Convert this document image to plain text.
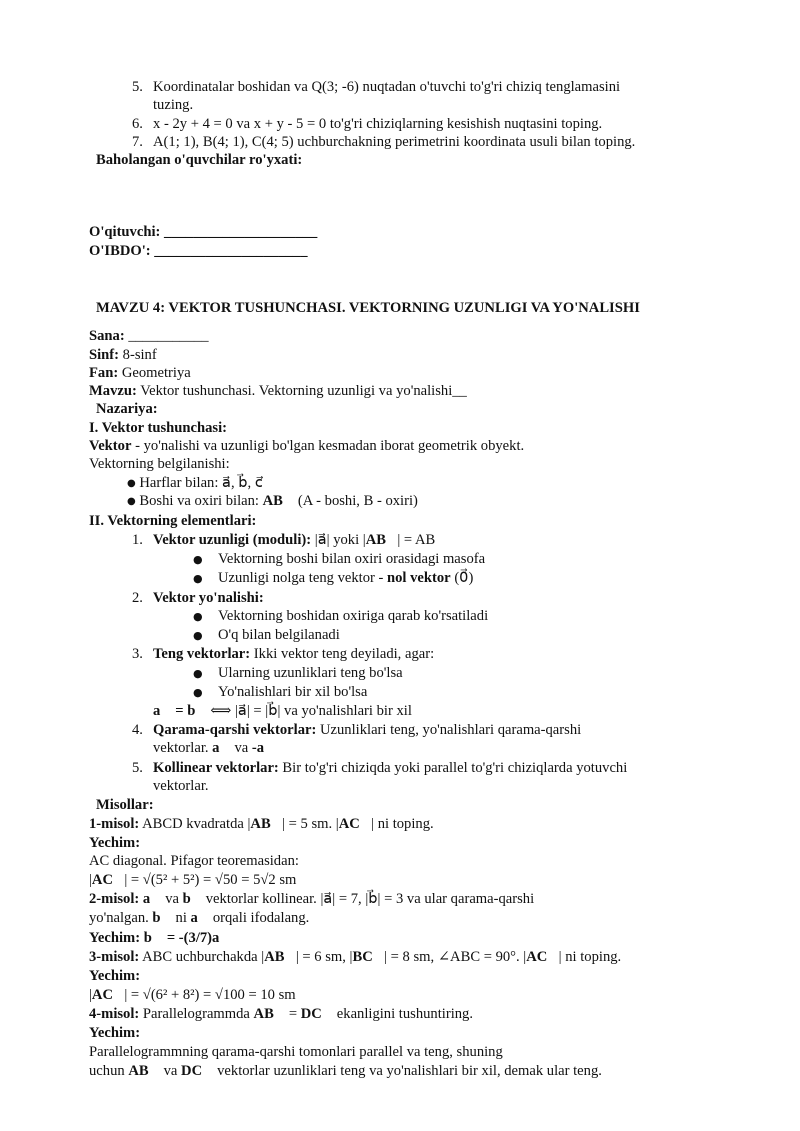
5. Koordinatalar boshidan va Q(3; -6) nuqtadan o'tuvchi to'g'ri chiziq tenglamasini
tuzing.
6. x - 2y + 4 = 0 va x + y - 5 = 0 to'g'ri chiziqlarning kesishish nuqtasini toping.
7. A(1; 1), B(4; 1), C(4; 5) uchburchakning perimetrini koordinata usuli bilan toping.
Baholangan o'quvchilar ro'yxati:
O'qituvchi: _____________________
O'IBDO': _____________________
MAVZU 4: VEKTOR TUSHUNCHASI. VEKTORNING UZUNLIGI VA YO'NALISHI
Sana: ___________
Sinf: 8-sinf
Fan: Geometriya
Mavzu: Vektor tushunchasi. Vektorning uzunligi va yo'nalishi__
Nazariya:
I. Vektor tushunchasi:
Vektor - yo'nalishi va uzunligi bo'lgan kesmadan iborat geometrik obyekt.
Vektorning belgilanishi:
● Harflar bilan: a⃗, b⃗, c⃗
● Boshi va oxiri bilan: AB⃗ (A - boshi, B - oxiri)
II. Vektorning elementlari:
1. Vektor uzunligi (moduli): |a⃗| yoki |AB⃗| = AB
● Vektorning boshi bilan oxiri orasidagi masofa
● Uzunligi nolga teng vektor - nol vektor (0⃗)
2. Vektor yo'nalishi:
● Vektorning boshidan oxiriga qarab ko'rsatiladi
● O'q bilan belgilanadi
3. Teng vektorlar: Ikki vektor teng deyiladi, agar:
● Ularning uzunliklari teng bo'lsa
● Yo'nalishlari bir xil bo'lsa
a⃗ = b⃗ ⟺ |a⃗| = |b⃗| va yo'nalishlari bir xil
4. Qarama-qarshi vektorlar: Uzunliklari teng, yo'nalishlari qarama-qarshi
vektorlar. a⃗ va -a⃗
5. Kollinear vektorlar: Bir to'g'ri chiziqda yoki parallel to'g'ri chiziqlarda yotuvchi
vektorlar.
Misollar:
1-misol: ABCD kvadratda |AB⃗| = 5 sm. |AC⃗| ni toping.
Yechim:
AC diagonal. Pifagor teoremasidan:
|AC⃗| = √(5² + 5²) = √50 = 5√2 sm
2-misol: a⃗ va b⃗ vektorlar kollinear. |a⃗| = 7, |b⃗| = 3 va ular qarama-qarshi
yo'nalgan. b⃗ ni a⃗ orqali ifodalang.
Yechim: b⃗ = -(3/7)a⃗
3-misol: ABC uchburchakda |AB⃗| = 6 sm, |BC⃗| = 8 sm, ∠ABC = 90°. |AC⃗| ni toping.
Yechim:
|AC⃗| = √(6² + 8²) = √100 = 10 sm
4-misol: Parallelogrammda AB⃗ = DC⃗ ekanligini tushuntiring.
Yechim:
Parallelogrammning qarama-qarshi tomonlari parallel va teng, shuning
uchun AB⃗ va DC⃗ vektorlar uzunliklari teng va yo'nalishlari bir xil, demak ular teng.
